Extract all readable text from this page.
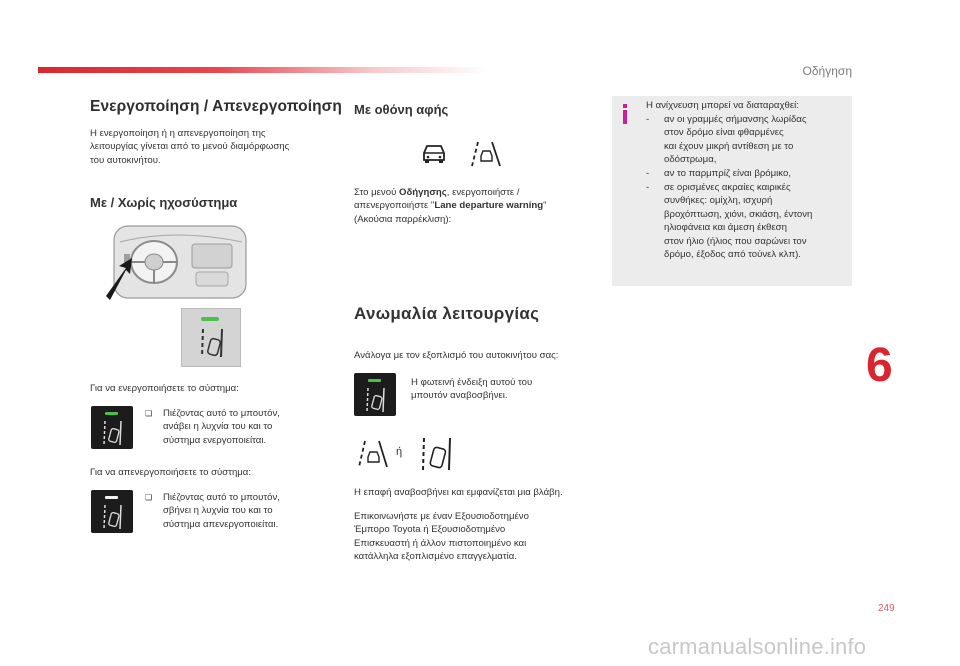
Οδήγηση
Ενεργοποίηση / Απενεργοποίηση
Η ενεργοποίηση ή η απενεργοποίηση της
λειτουργίας γίνεται από το μενού διαμόρφωσης
του αυτοκινήτου.
Με / Χωρίς ηχοσύστημα
Για να ενεργοποιήσετε το σύστημα:
❏ Πιέζοντας αυτό το μπουτόν,
ανάβει η λυχνία του και το
σύστημα ενεργοποιείται.
Για να απενεργοποιήσετε το σύστημα:
❏ Πιέζοντας αυτό το μπουτόν,
σβήνει η λυχνία του και το
σύστημα απενεργοποιείται.
Με οθόνη αφής
Στο μενού Οδήγησης, ενεργοποιήστε /
απενεργοποιήστε "Lane departure warning"
(Ακούσια παρρέκλιση):
Ανωμαλία λειτουργίας
Ανάλογα με τον εξοπλισμό του αυτοκινήτου σας:
Η φωτεινή ένδειξη αυτού του
μπουτόν αναβοσβήνει.
ή
Η επαφή αναβοσβήνει και εμφανίζεται μια βλάβη.
Επικοινωνήστε με έναν Εξουσιοδοτημένο
Έμπορο Toyota ή Εξουσιοδοτημένο
Επισκευαστή ή άλλον πιστοποιημένο και
κατάλληλα εξοπλισμένο επαγγελματία.
Η ανίχνευση μπορεί να διαταραχθεί:
- αν οι γραμμές σήμανσης λωρίδας
στον δρόμο είναι φθαρμένες
και έχουν μικρή αντίθεση με το
οδόστρωμα,
- αν το παρμπρίζ είναι βρόμικο,
- σε ορισμένες ακραίες καιρικές
συνθήκες: ομίχλη, ισχυρή
βροχόπτωση, χιόνι, σκιάση, έντονη
ηλιοφάνεια και άμεση έκθεση
στον ήλιο (ήλιος που σαρώνει τον
δρόμο, έξοδος από τούνελ κλπ).
6
249
carmanualsonline.info
